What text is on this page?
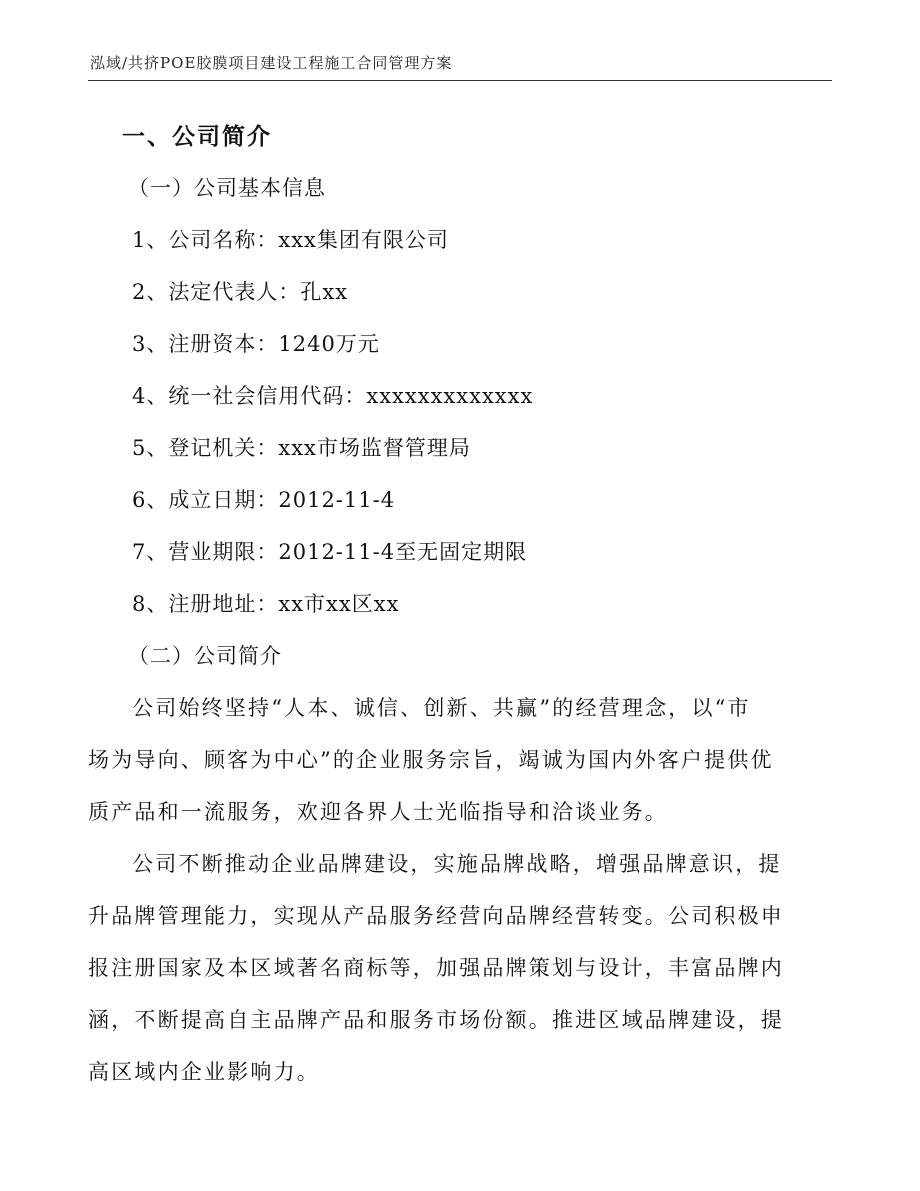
泓域/共挤POE胶膜项目建设工程施工合同管理方案
一、公司简介
（一）公司基本信息
1、公司名称：xxx集团有限公司
2、法定代表人：孔xx
3、注册资本：1240万元
4、统一社会信用代码：xxxxxxxxxxxxx
5、登记机关：xxx市场监督管理局
6、成立日期：2012-11-4
7、营业期限：2012-11-4至无固定期限
8、注册地址：xx市xx区xx
（二）公司简介
公司始终坚持“人本、诚信、创新、共赢”的经营理念，以“市
场为导向、顾客为中心”的企业服务宗旨，竭诚为国内外客户提供优
质产品和一流服务，欢迎各界人士光临指导和洽谈业务。
公司不断推动企业品牌建设，实施品牌战略，增强品牌意识，提
升品牌管理能力，实现从产品服务经营向品牌经营转变。公司积极申
报注册国家及本区域著名商标等，加强品牌策划与设计，丰富品牌内
涵，不断提高自主品牌产品和服务市场份额。推进区域品牌建设，提
高区域内企业影响力。
